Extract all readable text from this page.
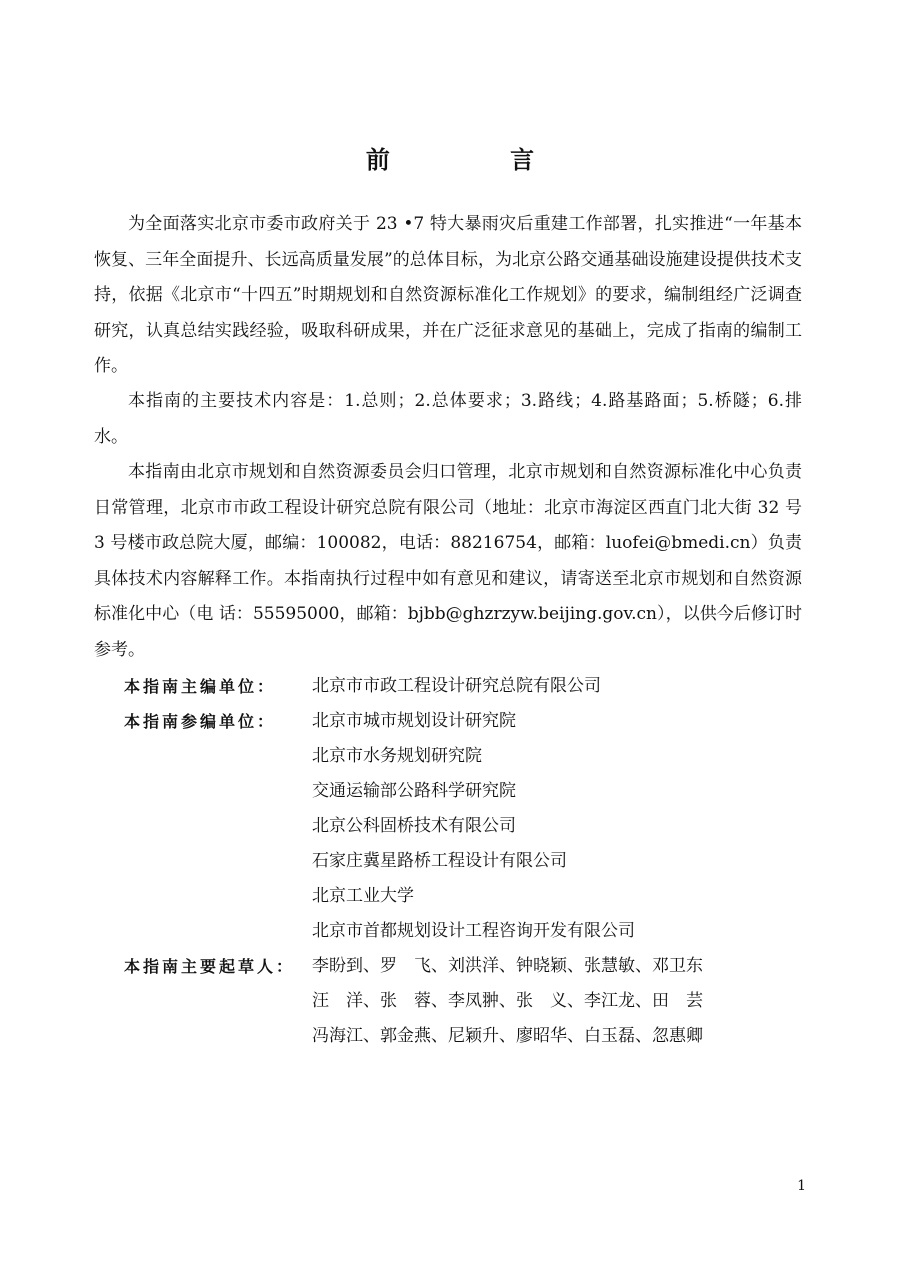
前 言

为全面落实北京市委市政府关于 23 •7 特大暴雨灾后重建工作部署，扎实推进“一年基本恢复、三年全面提升、长远高质量发展”的总体目标，为北京公路交通基础设施建设提供技术支持，依据《北京市“十四五”时期规划和自然资源标准化工作规划》的要求，编制组经广泛调查研究，认真总结实践经验，吸取科研成果，并在广泛征求意见的基础上，完成了指南的编制工作。

本指南的主要技术内容是：1.总则；2.总体要求；3.路线；4.路基路面；5.桥隧；6.排水。

本指南由北京市规划和自然资源委员会归口管理，北京市规划和自然资源标准化中心负责日常管理，北京市市政工程设计研究总院有限公司（地址：北京市海淀区西直门北大街 32 号 3 号楼市政总院大厦，邮编：100082，电话：88216754，邮箱：luofei@bmedi.cn）负责具体技术内容解释工作。本指南执行过程中如有意见和建议，请寄送至北京市规划和自然资源标准化中心（电 话：55595000，邮箱：bjbb@ghzrzyw.beijing.gov.cn），以供今后修订时参考。

本指南主编单位：	北京市市政工程设计研究总院有限公司
本指南参编单位：	北京市城市规划设计研究院
北京市水务规划研究院
交通运输部公路科学研究院
北京公科固桥技术有限公司
石家庄冀星路桥工程设计有限公司
北京工业大学
北京市首都规划设计工程咨询开发有限公司
本指南主要起草人： 李盼到、罗　飞、刘洪洋、钟晓颖、张慧敏、邓卫东
汪　洋、张　蓉、李凤翀、张　义、李江龙、田　芸
冯海江、郭金燕、尼颖升、廖昭华、白玉磊、忽惠卿
1
